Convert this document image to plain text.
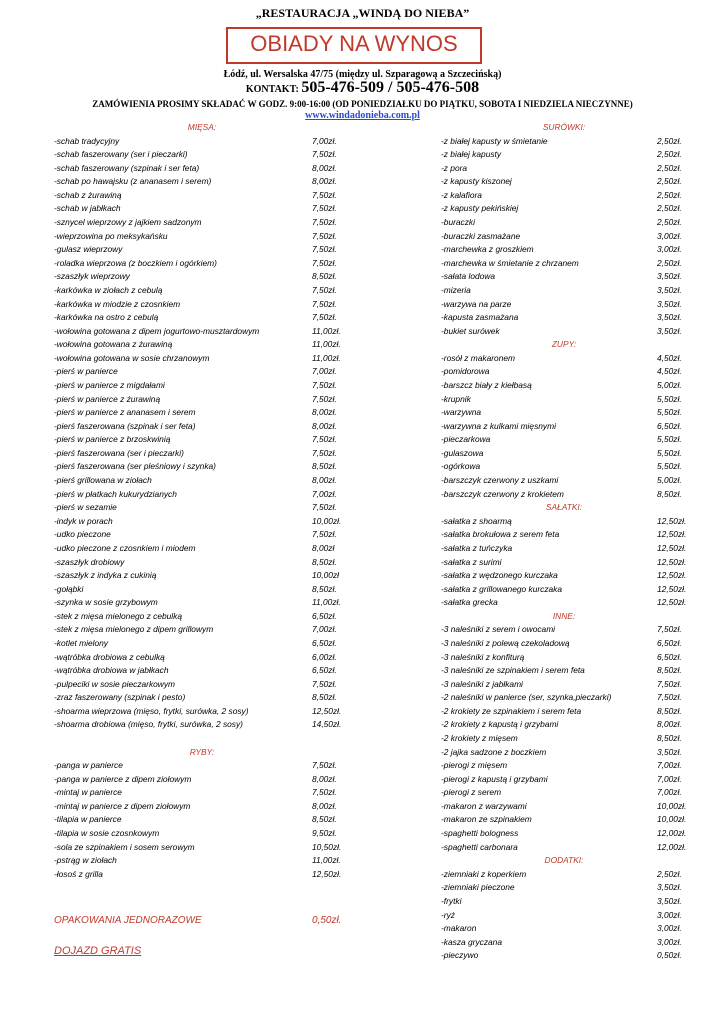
„RESTAURACJA „WINDĄ DO NIEBA”
OBIADY NA WYNOS
Łódź, ul. Wersalska 47/75 (między ul. Szparagową a Szczecińską)
KONTAKT: 505-476-509 / 505-476-508
ZAMÓWIENIA PROSIMY SKŁADAĆ W GODZ. 9:00-16:00 (OD PONIEDZIAŁKU DO PIĄTKU, SOBOTA I NIEDZIELA NIECZYNNE)
www.windadonieba.com.pl
MIĘSA:
-schab tradycyjny	7,00zł.
-schab faszerowany (ser i pieczarki)	7,50zł.
-schab faszerowany (szpinak i ser feta)	8,00zł.
-schab po hawajsku (z ananasem i serem)	8,00zł.
-schab z żurawiną	7,50zł.
-schab w jabłkach	7,50zł.
-sznycel wieprzowy z jajkiem sadzonym	7,50zł.
-wieprzowina po meksykańsku	7,50zł.
-gulasz wieprzowy	7,50zł.
-roladka wieprzowa (z boczkiem i ogórkiem)	7,50zł.
-szaszłyk wieprzowy	8,50zł.
-karkówka w ziołach z cebulą	7,50zł.
-karkówka w miodzie z czosnkiem	7,50zł.
-karkówka na ostro z cebulą	7,50zł.
-wołowina gotowana z dipem jogurtowo-musztardowym	11,00zł.
-wołowina gotowana z żurawiną	11,00zł.
-wołowina gotowana w sosie chrzanowym	11,00zł.
-pierś w panierce	7,00zł.
-pierś w panierce z migdałami	7,50zł.
-pierś w panierce z żurawiną	7,50zł.
-pierś w panierce z ananasem i serem	8,00zł.
-pierś faszerowana (szpinak i ser feta)	8,00zł.
-pierś w panierce z brzoskwinią	7,50zł.
-pierś faszerowana (ser i pieczarki)	7,50zł.
-pierś faszerowana (ser pleśniowy i szynka)	8,50zł.
-pierś grillowana w ziołach	8,00zł.
-pierś w płatkach kukurydzianych	7,00zł.
-pierś w sezamie	7,50zł.
-indyk w porach	10,00zł.
-udko pieczone	7,50zł.
-udko pieczone z czosnkiem i miodem	8,00zł
-szaszłyk drobiowy	8,50zł.
-szaszłyk z indyka z cukinią	10,00zł
-gołąbki	8,50zł.
-szynka w sosie grzybowym	11,00zł.
-stek z mięsa mielonego z cebulką	6,50zł.
-stek z mięsa mielonego z dipem grillowym	7,00zł.
-kotlet mielony	6,50zł.
-wątróbka drobiowa z cebulką	6,00zł.
-wątróbka drobiowa w jabłkach	6,50zł.
-pulpeciki w sosie pieczarkowym	7,50zł.
-zraz faszerowany (szpinak i pesto)	8,50zł.
-shoarma wieprzowa (mięso, frytki, surówka, 2 sosy)	12,50zł.
-shoarma drobiowa (mięso, frytki, surówka, 2 sosy)	14,50zł.
RYBY:
-panga w panierce	7,50zł.
-panga w panierce z dipem ziołowym	8,00zł.
-mintaj w panierce	7,50zł.
-mintaj w panierce z dipem ziołowym	8,00zł.
-tilapia w panierce	8,50zł.
-tilapia w sosie czosnkowym	9,50zł.
-sola ze szpinakiem i sosem serowym	10,50zł.
-pstrąg w ziołach	11,00zł.
-łosoś z grilla	12,50zł.
SURÓWKI:
-z białej kapusty w śmietanie	2,50zł.
-z białej kapusty	2,50zł.
-z pora	2,50zł.
-z kapusty kiszonej	2,50zł.
-z kalafiora	2,50zł.
-z kapusty pekińskiej	2,50zł.
-buraczki	2,50zł.
-buraczki zasmażane	3,00zł.
-marchewka z groszkiem	3,00zł.
-marchewka w śmietanie z chrzanem	2,50zł.
-sałata lodowa	3,50zł.
-mizeria	3,50zł.
-warzywa na parze	3,50zł.
-kapusta zasmażana	3,50zł.
-bukiet surówek	3,50zł.
ZUPY:
-rosół z makaronem	4,50zł.
-pomidorowa	4,50zł.
-barszcz biały z kiełbasą	5,00zł.
-krupnik	5,50zł.
-warzywna	5,50zł.
-warzywna z kulkami mięsnymi	6,50zł.
-pieczarkowa	5,50zł.
-gulaszowa	5,50zł.
-ogórkowa	5,50zł.
-barszczyk czerwony z uszkami	5,00zł.
-barszczyk czerwony z krokietem	8,50zł.
SAŁATKI:
-sałatka z shoarmą	12,50zł.
-sałatka brokułowa z serem feta	12,50zł.
-sałatka z tuńczyka	12,50zł.
-sałatka z surimi	12,50zł.
-sałatka z wędzonego kurczaka	12,50zł.
-sałatka z grillowanego kurczaka	12,50zł.
-sałatka grecka	12,50zł.
INNE:
-3 naleśniki z serem i owocami	7,50zł.
-3 naleśniki z polewą czekoladową	6,50zł.
-3 naleśniki z konfiturą	6,50zł.
-3 naleśniki ze szpinakiem i serem feta	8,50zł.
-3 naleśniki z jabłkami	7,50zł.
-2 naleśniki w panierce (ser, szynka,pieczarki)	7,50zł.
-2 krokiety ze szpinakiem i serem feta	8,50zł.
-2 krokiety z kapustą i grzybami	8,00zł.
-2 krokiety z mięsem	8,50zł.
-2 jajka sadzone z boczkiem	3,50zł.
-pierogi z mięsem	7,00zł.
-pierogi z kapustą i grzybami	7,00zł.
-pierogi z serem	7,00zł.
-makaron z warzywami	10,00zł.
-makaron ze szpinakiem	10,00zł.
-spaghetti bologness	12,00zł.
-spaghetti carbonara	12,00zł.
DODATKI:
-ziemniaki z koperkiem	2,50zł.
-ziemniaki pieczone	3,50zł.
-frytki	3,50zł.
-ryż	3,00zł.
-makaron	3,00zł.
-kasza gryczana	3,00zł.
-pieczywo	0,50zł.
OPAKOWANIA JEDNORAZOWE	0,50zł.
DOJAZD GRATIS
